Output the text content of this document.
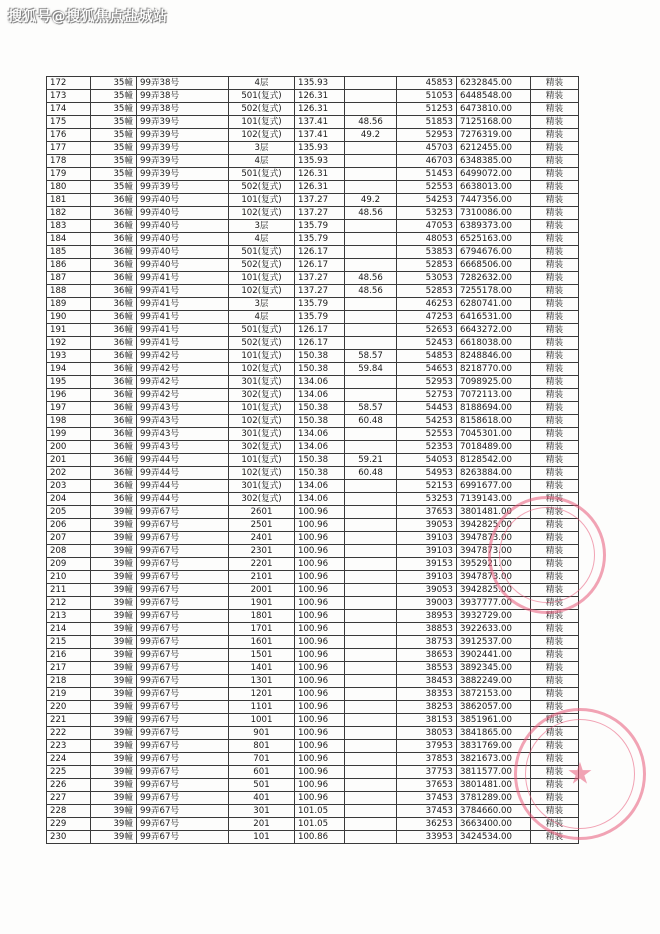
搜狐号@搜狐焦点盐城站
172	35幢	99弄38号	4层	135.93		45853	6232845.00	精装
173	35幢	99弄38号	501(复式)	126.31		51053	6448548.00	精装
174	35幢	99弄38号	502(复式)	126.31		51253	6473810.00	精装
175	35幢	99弄39号	101(复式)	137.41	48.56	51853	7125168.00	精装
176	35幢	99弄39号	102(复式)	137.41	49.2	52953	7276319.00	精装
177	35幢	99弄39号	3层	135.93		45703	6212455.00	精装
178	35幢	99弄39号	4层	135.93		46703	6348385.00	精装
179	35幢	99弄39号	501(复式)	126.31		51453	6499072.00	精装
180	35幢	99弄39号	502(复式)	126.31		52553	6638013.00	精装
181	36幢	99弄40号	101(复式)	137.27	49.2	54253	7447356.00	精装
182	36幢	99弄40号	102(复式)	137.27	48.56	53253	7310086.00	精装
183	36幢	99弄40号	3层	135.79		47053	6389373.00	精装
184	36幢	99弄40号	4层	135.79		48053	6525163.00	精装
185	36幢	99弄40号	501(复式)	126.17		53853	6794676.00	精装
186	36幢	99弄40号	502(复式)	126.17		52853	6668506.00	精装
187	36幢	99弄41号	101(复式)	137.27	48.56	53053	7282632.00	精装
188	36幢	99弄41号	102(复式)	137.27	48.56	52853	7255178.00	精装
189	36幢	99弄41号	3层	135.79		46253	6280741.00	精装
190	36幢	99弄41号	4层	135.79		47253	6416531.00	精装
191	36幢	99弄41号	501(复式)	126.17		52653	6643272.00	精装
192	36幢	99弄41号	502(复式)	126.17		52453	6618038.00	精装
193	36幢	99弄42号	101(复式)	150.38	58.57	54853	8248846.00	精装
194	36幢	99弄42号	102(复式)	150.38	59.84	54653	8218770.00	精装
195	36幢	99弄42号	301(复式)	134.06		52953	7098925.00	精装
196	36幢	99弄42号	302(复式)	134.06		52753	7072113.00	精装
197	36幢	99弄43号	101(复式)	150.38	58.57	54453	8188694.00	精装
198	36幢	99弄43号	102(复式)	150.38	60.48	54253	8158618.00	精装
199	36幢	99弄43号	301(复式)	134.06		52553	7045301.00	精装
200	36幢	99弄43号	302(复式)	134.06		52353	7018489.00	精装
201	36幢	99弄44号	101(复式)	150.38	59.21	54053	8128542.00	精装
202	36幢	99弄44号	102(复式)	150.38	60.48	54953	8263884.00	精装
203	36幢	99弄44号	301(复式)	134.06		52153	6991677.00	精装
204	36幢	99弄44号	302(复式)	134.06		53253	7139143.00	精装
205	39幢	99弄67号	2601	100.96		37653	3801481.00	精装
206	39幢	99弄67号	2501	100.96		39053	3942825.00	精装
207	39幢	99弄67号	2401	100.96		39103	3947873.00	精装
208	39幢	99弄67号	2301	100.96		39103	3947873.00	精装
209	39幢	99弄67号	2201	100.96		39153	3952921.00	精装
210	39幢	99弄67号	2101	100.96		39103	3947873.00	精装
211	39幢	99弄67号	2001	100.96		39053	3942825.00	精装
212	39幢	99弄67号	1901	100.96		39003	3937777.00	精装
213	39幢	99弄67号	1801	100.96		38953	3932729.00	精装
214	39幢	99弄67号	1701	100.96		38853	3922633.00	精装
215	39幢	99弄67号	1601	100.96		38753	3912537.00	精装
216	39幢	99弄67号	1501	100.96		38653	3902441.00	精装
217	39幢	99弄67号	1401	100.96		38553	3892345.00	精装
218	39幢	99弄67号	1301	100.96		38453	3882249.00	精装
219	39幢	99弄67号	1201	100.96		38353	3872153.00	精装
220	39幢	99弄67号	1101	100.96		38253	3862057.00	精装
221	39幢	99弄67号	1001	100.96		38153	3851961.00	精装
222	39幢	99弄67号	901	100.96		38053	3841865.00	精装
223	39幢	99弄67号	801	100.96		37953	3831769.00	精装
224	39幢	99弄67号	701	100.96		37853	3821673.00	精装
225	39幢	99弄67号	601	100.96		37753	3811577.00	精装
226	39幢	99弄67号	501	100.96		37653	3801481.00	精装
227	39幢	99弄67号	401	100.96		37453	3781289.00	精装
228	39幢	99弄67号	301	101.05		37453	3784660.00	精装
229	39幢	99弄67号	201	101.05		36253	3663400.00	精装
230	39幢	99弄67号	101	100.86		33953	3424534.00	精装
★
